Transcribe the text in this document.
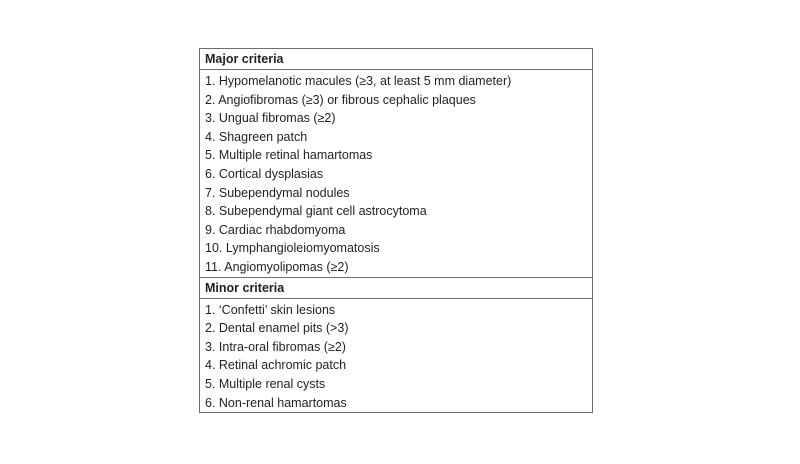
Major criteria
1. Hypomelanotic macules (≥3, at least 5 mm diameter)
2. Angiofibromas (≥3) or fibrous cephalic plaques
3. Ungual fibromas (≥2)
4. Shagreen patch
5. Multiple retinal hamartomas
6. Cortical dysplasias
7. Subependymal nodules
8. Subependymal giant cell astrocytoma
9. Cardiac rhabdomyoma
10. Lymphangioleiomyomatosis
11. Angiomyolipomas (≥2)
Minor criteria
1. ‘Confetti’ skin lesions
2. Dental enamel pits (>3)
3. Intra-oral fibromas (≥2)
4. Retinal achromic patch
5. Multiple renal cysts
6. Non-renal hamartomas
